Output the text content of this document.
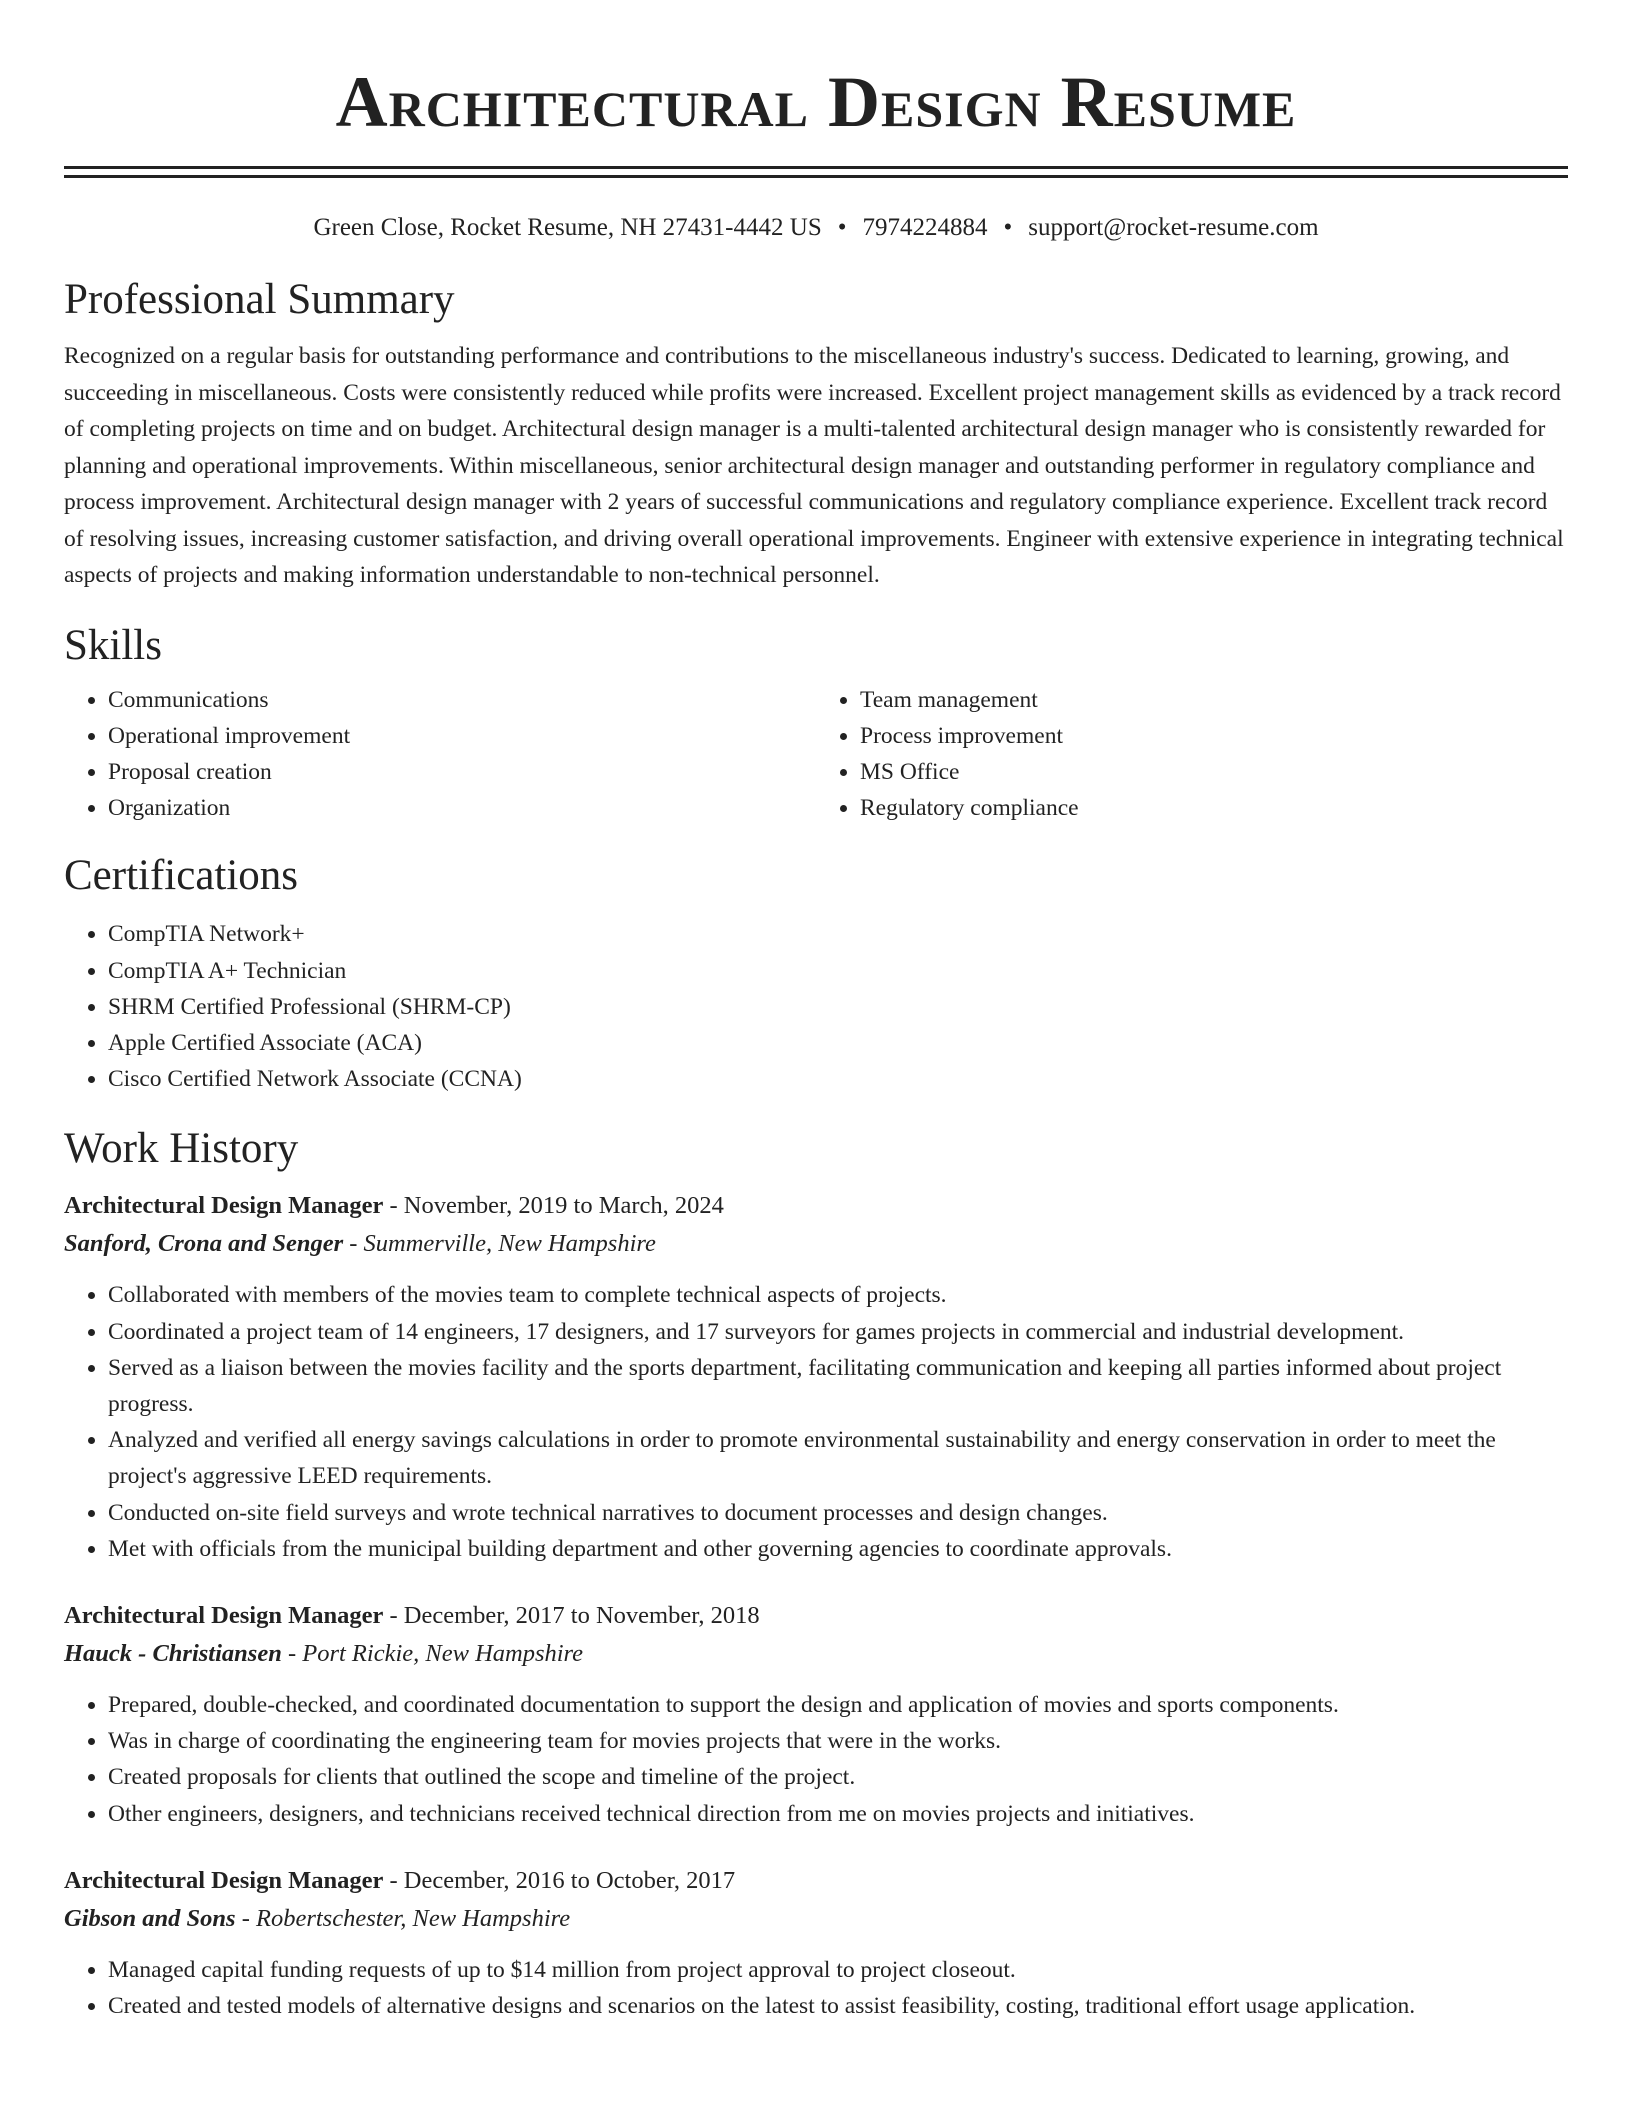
Architectural Design Resume
Green Close, Rocket Resume, NH 27431-4442 US • 7974224884 • support@rocket-resume.com
Professional Summary

Recognized on a regular basis for outstanding performance and contributions to the miscellaneous industry's success. Dedicated to learning, growing, and succeeding in miscellaneous. Costs were consistently reduced while profits were increased. Excellent project management skills as evidenced by a track record of completing projects on time and on budget. Architectural design manager is a multi-talented architectural design manager who is consistently rewarded for planning and operational improvements. Within miscellaneous, senior architectural design manager and outstanding performer in regulatory compliance and process improvement. Architectural design manager with 2 years of successful communications and regulatory compliance experience. Excellent track record of resolving issues, increasing customer satisfaction, and driving overall operational improvements. Engineer with extensive experience in integrating technical aspects of projects and making information understandable to non-technical personnel.

Skills
• Communications
• Operational improvement
• Proposal creation
• Organization
• Team management
• Process improvement
• MS Office
• Regulatory compliance
Certifications
• CompTIA Network+
• CompTIA A+ Technician
• SHRM Certified Professional (SHRM-CP)
• Apple Certified Associate (ACA)
• Cisco Certified Network Associate (CCNA)
Work History
Architectural Design Manager - November, 2019 to March, 2024
Sanford, Crona and Senger - Summerville, New Hampshire
• Collaborated with members of the movies team to complete technical aspects of projects.
• Coordinated a project team of 14 engineers, 17 designers, and 17 surveyors for games projects in commercial and industrial development.
• Served as a liaison between the movies facility and the sports department, facilitating communication and keeping all parties informed about project progress.
• Analyzed and verified all energy savings calculations in order to promote environmental sustainability and energy conservation in order to meet the project's aggressive LEED requirements.
• Conducted on-site field surveys and wrote technical narratives to document processes and design changes.
• Met with officials from the municipal building department and other governing agencies to coordinate approvals.
Architectural Design Manager - December, 2017 to November, 2018
Hauck - Christiansen - Port Rickie, New Hampshire
• Prepared, double-checked, and coordinated documentation to support the design and application of movies and sports components.
• Was in charge of coordinating the engineering team for movies projects that were in the works.
• Created proposals for clients that outlined the scope and timeline of the project.
• Other engineers, designers, and technicians received technical direction from me on movies projects and initiatives.
Architectural Design Manager - December, 2016 to October, 2017
Gibson and Sons - Robertschester, New Hampshire
• Managed capital funding requests of up to $14 million from project approval to project closeout.
• Created and tested models of alternative designs and scenarios on the latest to assist feasibility, costing, traditional effort usage application.
